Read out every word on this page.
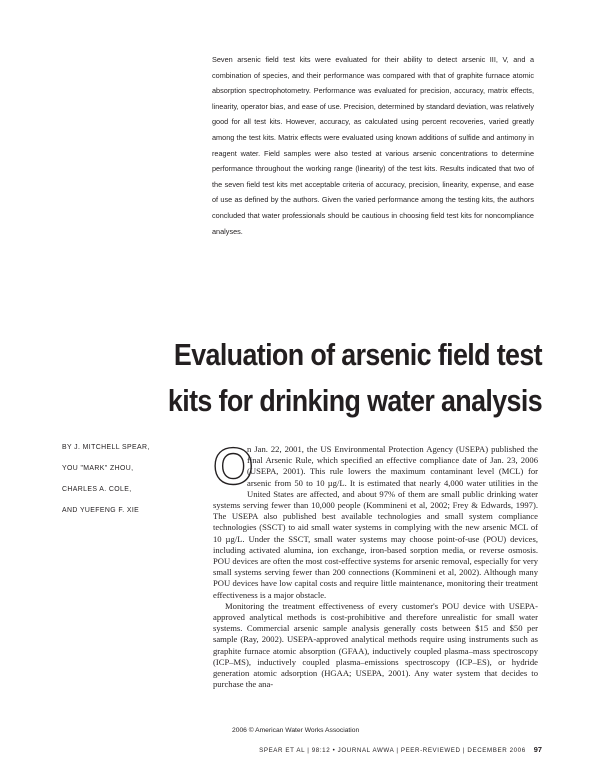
Seven arsenic field test kits were evaluated for their ability to detect arsenic III, V, and a combination of species, and their performance was compared with that of graphite furnace atomic absorption spectrophotometry. Performance was evaluated for precision, accuracy, matrix effects, linearity, operator bias, and ease of use. Precision, determined by standard deviation, was relatively good for all test kits. However, accuracy, as calculated using percent recoveries, varied greatly among the test kits. Matrix effects were evaluated using known additions of sulfide and antimony in reagent water. Field samples were also tested at various arsenic concentrations to determine performance throughout the working range (linearity) of the test kits. Results indicated that two of the seven field test kits met acceptable criteria of accuracy, precision, linearity, expense, and ease of use as defined by the authors. Given the varied performance among the testing kits, the authors concluded that water professionals should be cautious in choosing field test kits for noncompliance analyses.

Evaluation of arsenic field test
kits for drinking water analysis
BY J. MITCHELL SPEAR,
YOU "MARK" ZHOU,
CHARLES A. COLE,
AND YUEFENG F. XIE

O
n Jan. 22, 2001, the US Environmental Protection Agency (USEPA) published the final Arsenic Rule, which specified an effective compliance date of Jan. 23, 2006 (USEPA, 2001). This rule lowers the maximum contaminant level (MCL) for arsenic from 50 to 10 µg/L. It is estimated that nearly 4,000 water utilities in the United States are affected, and about 97% of them are small public drinking water systems serving fewer than 10,000 people (Kommineni et al, 2002; Frey & Edwards, 1997). The USEPA also published best available technologies and small system compliance technologies (SSCT) to aid small water systems in complying with the new arsenic MCL of 10 µg/L. Under the SSCT, small water systems may choose point-of-use (POU) devices, including activated alumina, ion exchange, iron-based sorption media, or reverse osmosis. POU devices are often the most cost-effective systems for arsenic removal, especially for very small systems serving fewer than 200 connections (Kommineni et al, 2002). Although many POU devices have low capital costs and require little maintenance, monitoring their treatment effectiveness is a major obstacle.

Monitoring the treatment effectiveness of every customer's POU device with USEPA-approved analytical methods is cost-prohibitive and therefore unrealistic for small water systems. Commercial arsenic sample analysis generally costs between $15 and $50 per sample (Ray, 2002). USEPA-approved analytical methods require using instruments such as graphite furnace atomic absorption (GFAA), inductively coupled plasma–mass spectroscopy (ICP–MS), inductively coupled plasma–emissions spectroscopy (ICP–ES), or hydride generation atomic adsorption (HGAA; USEPA, 2001). Any water system that decides to purchase the ana-

2006 © American Water Works Association
SPEAR ET AL | 98:12 • JOURNAL AWWA | PEER-REVIEWED | DECEMBER 2006 97
